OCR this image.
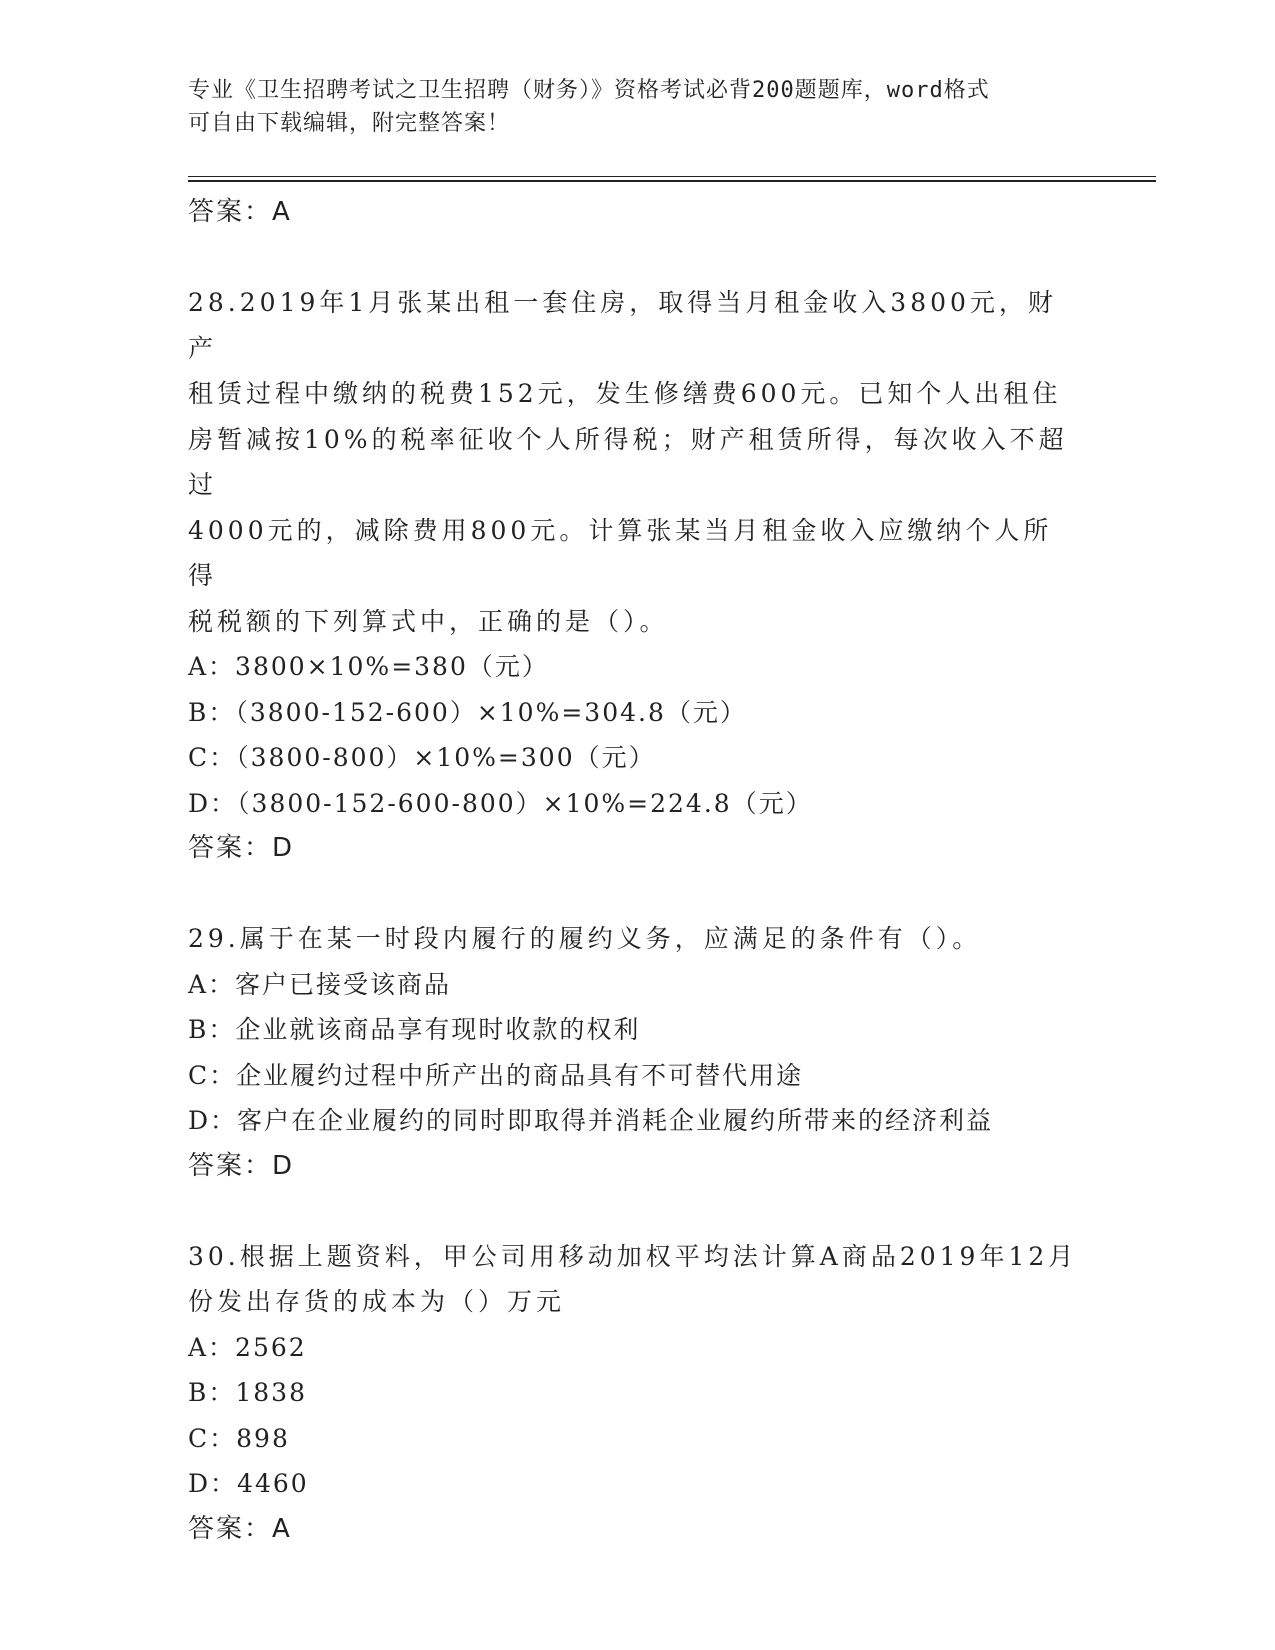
专业《卫生招聘考试之卫生招聘（财务）》资格考试必背200题题库，word格式
可自由下载编辑，附完整答案！
答案：A
28.2019年1月张某出租一套住房，取得当月租金收入3800元，财产
租赁过程中缴纳的税费152元，发生修缮费600元。已知个人出租住
房暂减按10%的税率征收个人所得税；财产租赁所得，每次收入不超过
4000元的，减除费用800元。计算张某当月租金收入应缴纳个人所得
税税额的下列算式中，正确的是（）。
A：3800×10%=380（元）
B：（3800-152-600）×10%=304.8（元）
C：（3800-800）×10%=300（元）
D：（3800-152-600-800）×10%=224.8（元）
答案：D
29.属于在某一时段内履行的履约义务，应满足的条件有（）。
A：客户已接受该商品
B：企业就该商品享有现时收款的权利
C：企业履约过程中所产出的商品具有不可替代用途
D：客户在企业履约的同时即取得并消耗企业履约所带来的经济利益
答案：D
30.根据上题资料，甲公司用移动加权平均法计算A商品2019年12月
份发出存货的成本为（）万元
A：2562
B：1838
C：898
D：4460
答案：A
